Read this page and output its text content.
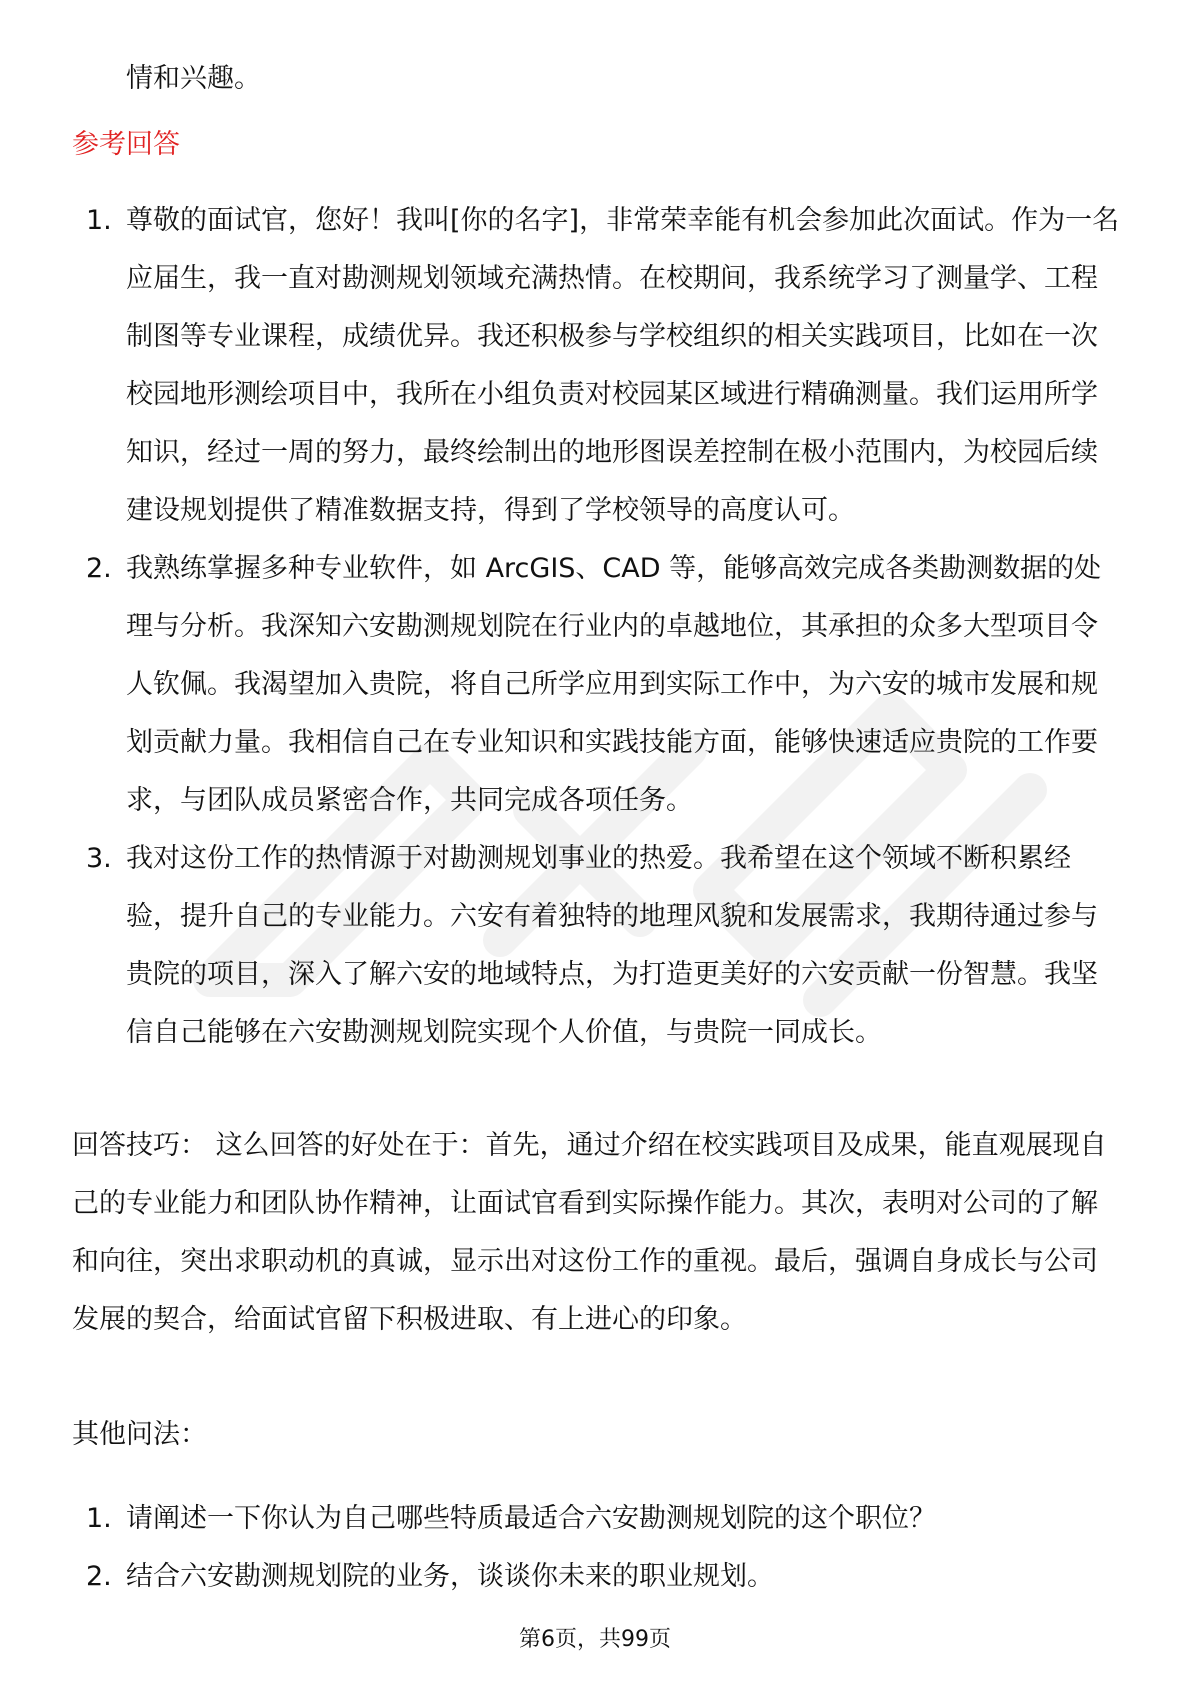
情和兴趣。
参考回答
1. 尊敬的面试官，您好！我叫[你的名字]，非常荣幸能有机会参加此次面试。作为一名应届生，我一直对勘测规划领域充满热情。在校期间，我系统学习了测量学、工程制图等专业课程，成绩优异。我还积极参与学校组织的相关实践项目，比如在一次校园地形测绘项目中，我所在小组负责对校园某区域进行精确测量。我们运用所学知识，经过一周的努力，最终绘制出的地形图误差控制在极小范围内，为校园后续建设规划提供了精准数据支持，得到了学校领导的高度认可。
2. 我熟练掌握多种专业软件，如 ArcGIS、CAD 等，能够高效完成各类勘测数据的处理与分析。我深知六安勘测规划院在行业内的卓越地位，其承担的众多大型项目令人钦佩。我渴望加入贵院，将自己所学应用到实际工作中，为六安的城市发展和规划贡献力量。我相信自己在专业知识和实践技能方面，能够快速适应贵院的工作要求，与团队成员紧密合作，共同完成各项任务。
3. 我对这份工作的热情源于对勘测规划事业的热爱。我希望在这个领域不断积累经验，提升自己的专业能力。六安有着独特的地理风貌和发展需求，我期待通过参与贵院的项目，深入了解六安的地域特点，为打造更美好的六安贡献一份智慧。我坚信自己能够在六安勘测规划院实现个人价值，与贵院一同成长。
回答技巧： 这么回答的好处在于：首先，通过介绍在校实践项目及成果，能直观展现自己的专业能力和团队协作精神，让面试官看到实际操作能力。其次，表明对公司的了解和向往，突出求职动机的真诚，显示出对这份工作的重视。最后，强调自身成长与公司发展的契合，给面试官留下积极进取、有上进心的印象。
其他问法：
1. 请阐述一下你认为自己哪些特质最适合六安勘测规划院的这个职位？
2. 结合六安勘测规划院的业务，谈谈你未来的职业规划。
第6页，共99页
